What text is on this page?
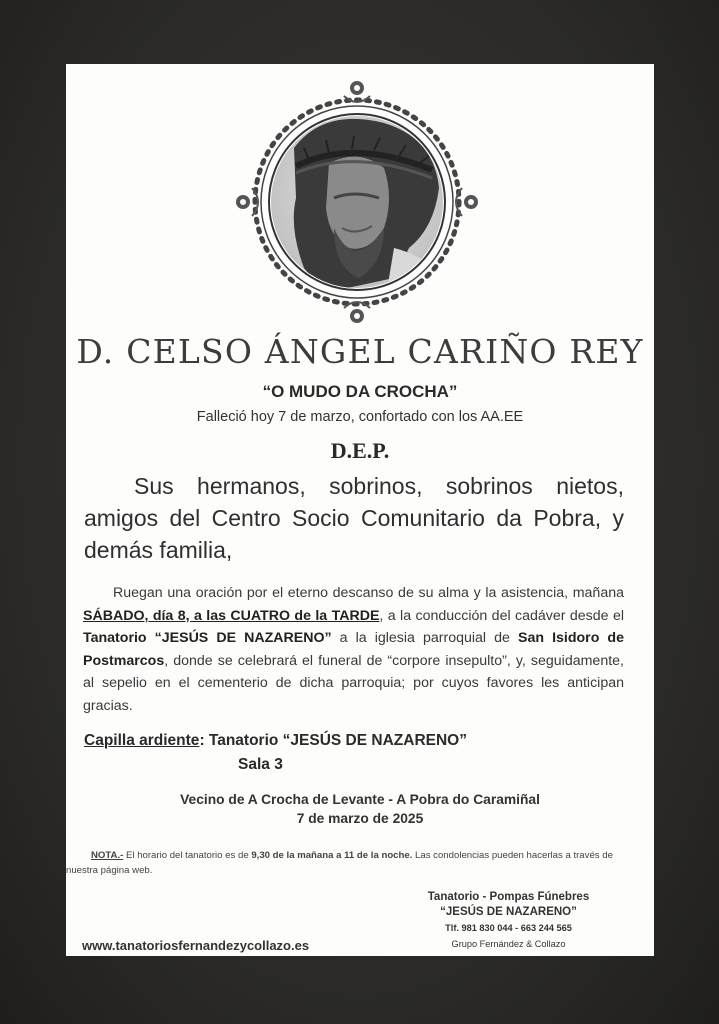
D. CELSO ÁNGEL CARIÑO REY
“O MUDO DA CROCHA”
Falleció hoy 7 de marzo, confortado con los AA.EE
D.E.P.
Sus hermanos, sobrinos, sobrinos nietos, amigos del Centro Socio Comunitario da Pobra, y demás familia,
Ruegan una oración por el eterno descanso de su alma y la asistencia, mañana SÁBADO, día 8, a las CUATRO de la TARDE, a la conducción del cadáver desde el Tanatorio “JESÚS DE NAZARENO” a la iglesia parroquial de San Isidoro de Postmarcos, donde se celebrará el funeral de “corpore insepulto”, y, seguidamente, al sepelio en el cementerio de dicha parroquia; por cuyos favores les anticipan gracias.
Capilla ardiente: Tanatorio “JESÚS DE NAZARENO”
Sala 3
Vecino de A Crocha de Levante - A Pobra do Caramiñal
7 de marzo de 2025
NOTA.- El horario del tanatorio es de 9,30 de la mañana a 11 de la noche. Las condolencias pueden hacerlas a través de nuestra página web.
Tanatorio - Pompas Fúnebres
“JESÚS DE NAZARENO”
Tlf. 981 830 044 - 663 244 565
Grupo Fernández & Collazo
www.tanatoriosfernandezycollazo.es
